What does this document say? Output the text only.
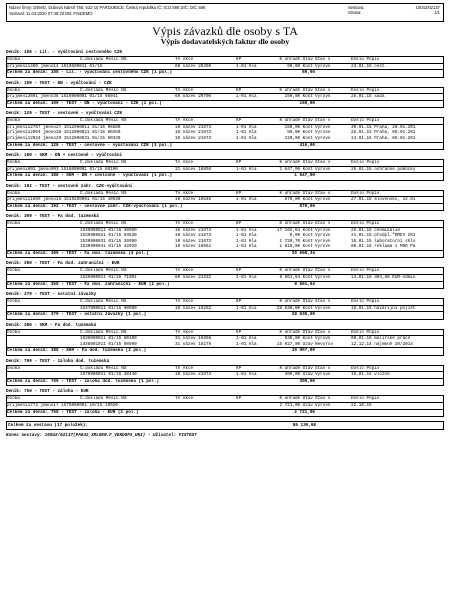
Název firmy: DEMO, Dubová Nárstí 756, 532 10 PARDUBICE, Česká republika IČ: ICO 586 DIČ: DIČ 586
Sestavil: 11.03.2020 07:49:23 DB: FISDEMO
Sestava:	10042/02137
Strana:	1/1
Výpis závazků dle osoby s TA
Výpis dodavatelských faktur dle osoby
Deník: 105 - Lit. - vyúčtování cestovného CZK
Osoba	Č.dokladu Měsíc NS	TA Akce	KP	K úhradě Stav Stav s	Došlo Popis
prijmeni1460 jmeno14 1510500011 01/15	60 název 20360	1-01 Hla	69,00 Kont Vyrovn	23.01.15 cest.
Celkem za deník: 105 - Lit. - vyúčtování cestovného CZK (1 pol.)	69,00
Deník: 109 - TEST - DN - vyúčtování - CZK
Osoba	Č.dokladu Měsíc NS	TA Akce	KP	K úhradě Stav Stav s	Došlo Popis
prijmeni3601 jmeno36 1510900001 01/15 95041	60 název 20700	1-01 Hla	159,00 Kont Vyrovn	26.01.15 sada
Celkem za deník: 109 - TEST - DN - vyúčtování - CZK (1 pol.)	159,00
Deník: 129 - TEST - cestovné - vyúčtování CZK
Osoba	Č.dokladu Měsíc NS	TA Akce	KP	K úhradě Stav Stav s	Došlo Popis
prijmeni12767 jmeno27 1512900011 01/15 96880	10 název 21673	1-01 Hla	150,00 Kont Vyrovn	30.01.15 Praha, 20.01.201
prijmeni12004 jmeno28 1512900021 01/15 90250	10 název 21673	1-01 Hla	50,00 Kont Vyrovn	28.01.15 Praha, 09.01.201
prijmeni12024 jmeno29 1512900031 01/15 90330	10 název 21673	1-01 Hla	220,00 Kont Vyrovn	13.01.15 Praha, 06.01.201
Celkem za deník: 129 - TEST - cestovné - vyúčtování CZK (3 pol.)	410,00
Deník: 180 - SKM - DN + cestovné - vyúčtování
Osoba	Č.dokladu Měsíc NS	TA Akce	KP	K úhradě Stav Stav s	Došlo Popis
prijmeni993 jmeno993 1518000001 01/15 80100	31 název 16858	1-01 Hla	1 647,00 Kont Vyrovn	26.01.15 ochranné pomůcky
Celkem za deník: 180 - SKM - DN + cestovné - vyúčtování (1 pol.)	1 647,00
Deník: 192 - TEST - cestovné zahr. CZK-vyúčtování
Osoba	Č.dokladu Měsíc NS	TA Akce	KP	K úhradě Stav Stav s	Došlo Popis
prijmeni11089 jmeno15 1519200001 01/15 40530	10 název 19840	1-01 Hla	870,00 Kont Vyrovn	27.01.15 Slovensko, 14.01
Celkem za deník: 192 - TEST - cestovné zahr. CZK-vyúčtování (1 pol.)	870,00
Deník: 309 - TEST - Fa dod. tuzemská
Osoba	Č.dokladu Měsíc NS	TA Akce	KP	K úhradě Stav Stav s	Došlo Popis
1530900011 01/15 36950	10 název 21673	1-01 Hla	17 162,64 Kont Vyrovn	26.01.15 chemikálie
1530900021 01/15 93630	10 název 21673	1-01 Hla	0,00 Kont Vyrovn	21.01.15 předpl."DMEV 201
1530900031 01/15 36950	10 název 21673	1-01 Hla	1 720,70 Kont Vyrovn	16.01.15 laboratorní sklo
1530900041 01/15 42020	10 název 18062	1-01 Hla	1 815,00 Kont Vyrovn	08.01.15 reklama v MHD Pa
Celkem za deník: 309 - TEST - Fa dod. tuzemská (4 pol.)	20 698,34
Deník: 350 - TEST - Fa dod. zahraniční - EUR
Osoba	Č.dokladu Měsíc NS	TA Akce	KP	K úhradě Stav Stav s	Došlo Popis
1535000011 01/15 71001	60 název 21532	1-01 Hla	8 661,64 Kont Vyrovn	13.01.15 304,88 EUR-odmín
Celkem za deník: 350 - TEST - Fa dod. zahraniční - EUR (1 pol.)	8 661,64
Deník: 379 - TEST - ostatní závazky
Osoba	Č.dokladu Měsíc NS	TA Akce	KP	K úhradě Stav Stav s	Došlo Popis
1537900011 01/15 90999	10 název 18282	1-01 Hla	28 630,00 Kont Vyrovn	15.01.15 havarijní pojišt
Celkem za deník: 379 - TEST - ostatní závazky (1 pol.)	28 630,00
Deník: 380 - SKM - Fa dod. tuzemská
Osoba	Č.dokladu Měsíc NS	TA Akce	KP	K úhradě Stav Stav s	Došlo Popis
1538000011 01/15 80100	31 název 16858	1-01 Hla	930,00 Kont Vyrovn	09.01.15 malířské práce
1438001911 01/15 90999	31 název 18279	1-01 Hla	15 027,00 Uzav Nevyrov	12.12.14 nájemné 20/2014
Celkem za deník: 380 - SKM - Fa dod. tuzemská (2 pol.)	15 957,00
Deník: 709 - TEST - záloha dod. tuzemská
Osoba	Č.dokladu Měsíc NS	TA Akce	KP	K úhradě Stav Stav s	Došlo Popis
1570900011 01/15 30440	10 název 21673	1-01 Hla	300,00 Uzav Vyrovn	15.01.15 vložné
Celkem za deník: 709 - TEST - záloha dod. tuzemská (1 pol.)	300,00
Deník: 750 - TEST - záloha - EUR
Osoba	Č.dokladu Měsíc NS	TA Akce	KP	K úhradě Stav Stav s	Došlo Popis
prijmeni1772 jmeno17 1575000001 10/15 10020	2 721,00 Uzav Vyrovn	22.10.15
Celkem za deník: 750 - TEST - záloha - EUR (1 pol.)	2 721,00
Celkem za sestavu (17 položek):	80 130,98
Konec sestavy: 10042/02137(PA032_XMLGEN.F_VEKDOFA_UNI) - Uživatel: FISTEST
